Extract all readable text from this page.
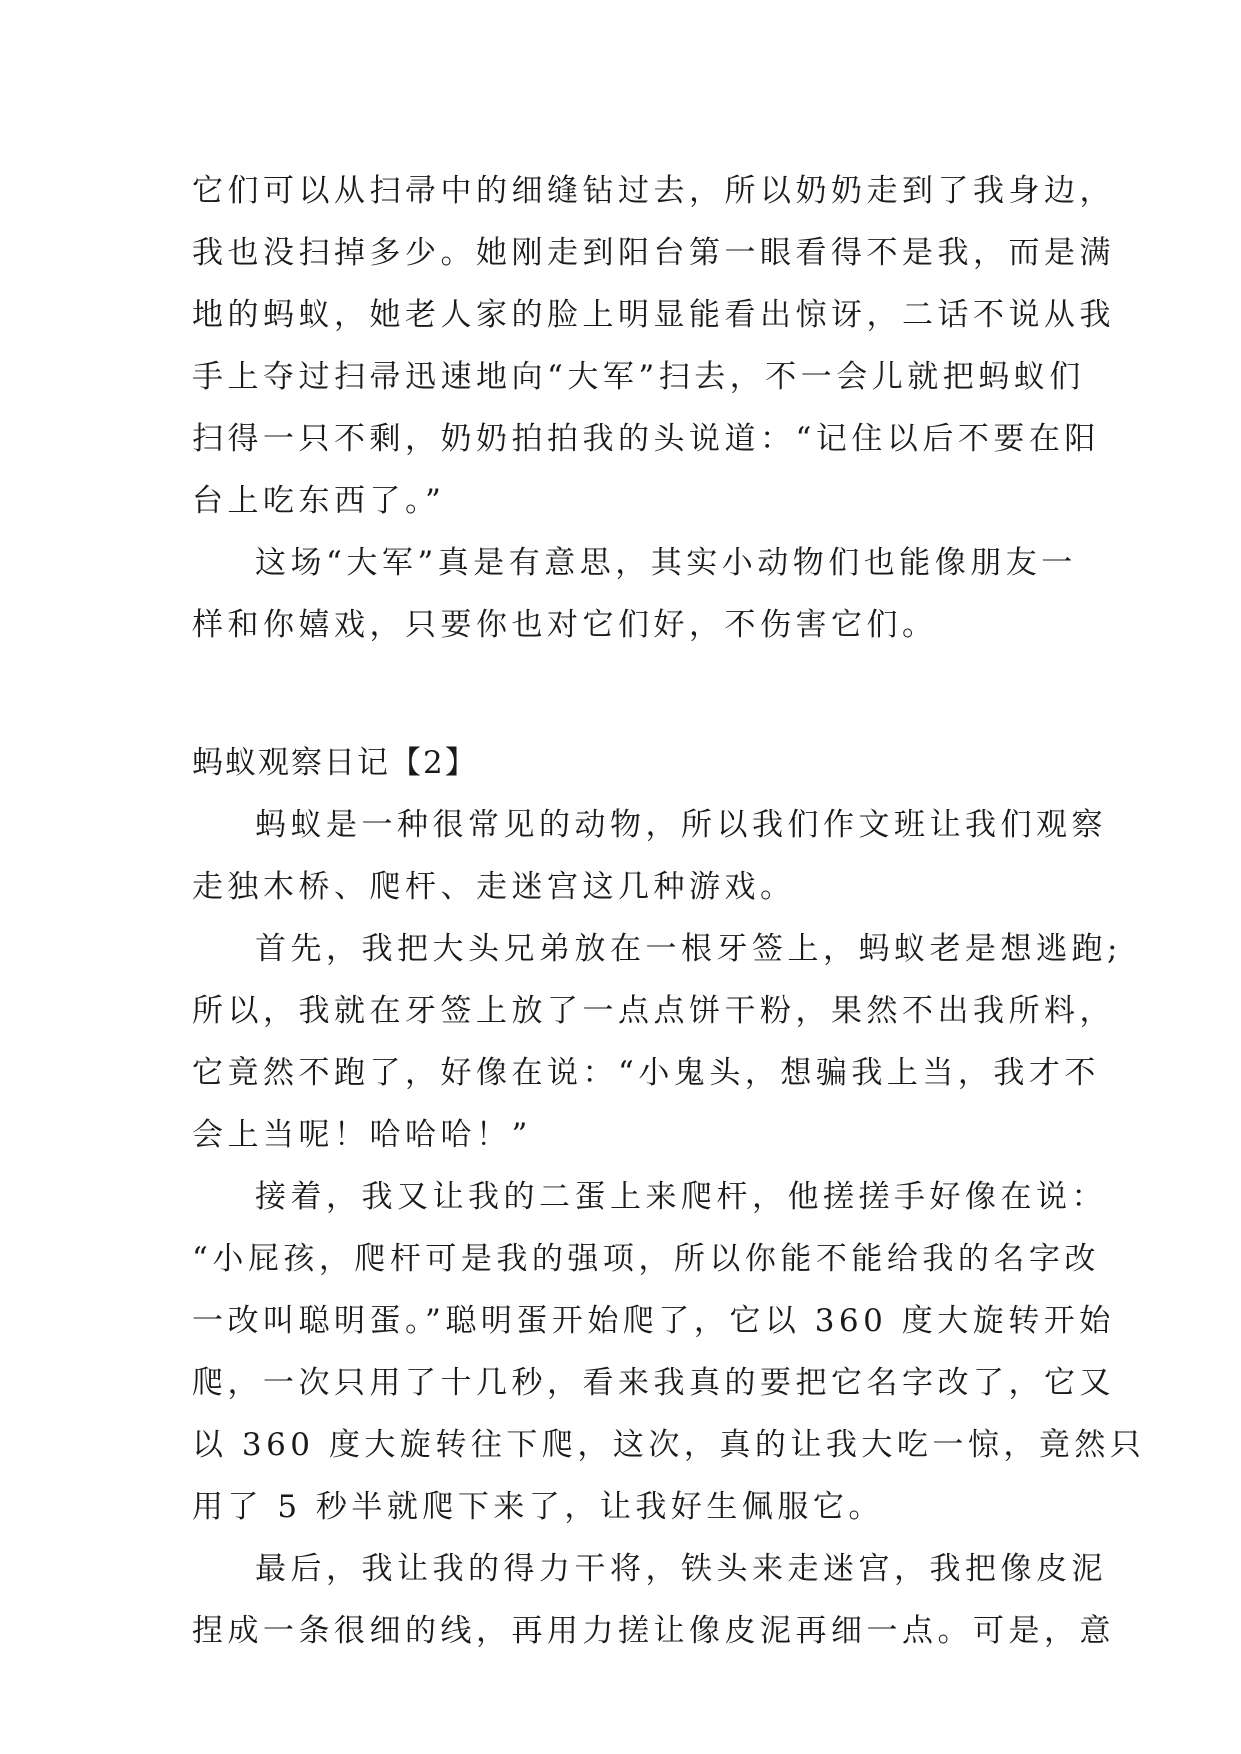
它们可以从扫帚中的细缝钻过去，所以奶奶走到了我身边，
我也没扫掉多少。她刚走到阳台第一眼看得不是我，而是满
地的蚂蚁，她老人家的脸上明显能看出惊讶，二话不说从我
手上夺过扫帚迅速地向“大军”扫去，不一会儿就把蚂蚁们
扫得一只不剩，奶奶拍拍我的头说道：“记住以后不要在阳
台上吃东西了。”
这场“大军”真是有意思，其实小动物们也能像朋友一
样和你嬉戏，只要你也对它们好，不伤害它们。
蚂蚁观察日记【2】
蚂蚁是一种很常见的动物，所以我们作文班让我们观察
走独木桥、爬杆、走迷宫这几种游戏。
首先，我把大头兄弟放在一根牙签上，蚂蚁老是想逃跑;
所以，我就在牙签上放了一点点饼干粉，果然不出我所料，
它竟然不跑了，好像在说：“小鬼头，想骗我上当，我才不
会上当呢！哈哈哈！”
接着，我又让我的二蛋上来爬杆，他搓搓手好像在说：
“小屁孩，爬杆可是我的强项，所以你能不能给我的名字改
一改叫聪明蛋。”聪明蛋开始爬了，它以 360 度大旋转开始
爬，一次只用了十几秒，看来我真的要把它名字改了，它又
以 360 度大旋转往下爬，这次，真的让我大吃一惊，竟然只
用了 5 秒半就爬下来了，让我好生佩服它。
最后，我让我的得力干将，铁头来走迷宫，我把像皮泥
捏成一条很细的线，再用力搓让像皮泥再细一点。可是，意
